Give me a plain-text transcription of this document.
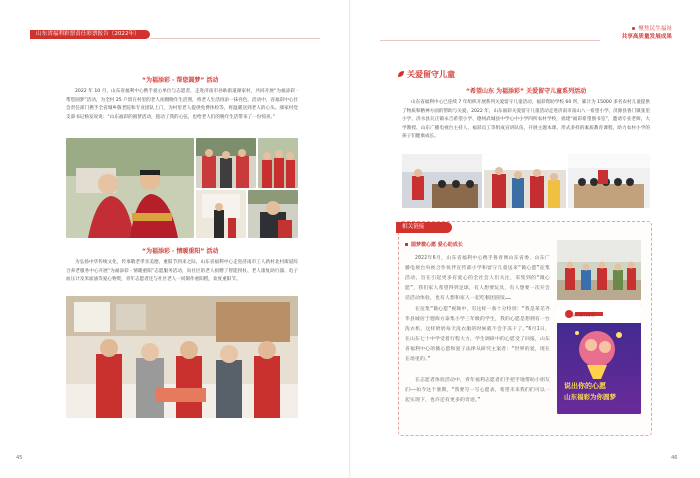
山东省福利彩票责任彩票报告（2022年）
“为福添彩 · 帮您圆梦” 活动

2022 年 10 月，山东省福利中心携手爱心单位与志愿者，走进济南市孙耿街道颜家村，共同开展“为福添彩 · 帮您圆梦”活动，为全村 25 户留在村里的老人拍摄晚年生活照，将老人生活再添一抹亮色。活动中，省福彩中心社会责任部门携手全省城乡敬老院和专业团队上门，为村里老人提供免费体检等，将温暖送到老人的心头。颜家村党支部书记杨发说说：“山东福彩的圆梦活动，拨动了我的心弦，也给老人们的晚年生活带来了一份惊喜。”

“为福添彩 · 情暖重阳” 活动

为弘扬中华传统文化，传承敬老孝亲美德，重阳节到来之际，山东省福利中心走进济南市工人新村北村街道综合养老服务中心开展“为福添彩 · 情暖重阳”志愿服务活动，向社区的老人捐赠了智能拐杖、老人康复助行器、电子血压计及米面油等爱心物资，青年志愿者还与社区老人一同制作重阳糕，欢度重阳节。

45
聚焦民生福祉
共享高质量发展成果
关爱留守儿童
“希望山东 为福添彩” 关爱留守儿童系列活动

山东省福利中心已连续 7 年组织开展系列关爱留守儿童活动，福彩资助学校 60 所，累计为 15000 多名农村儿童提供了物质和精神方面的帮助与关爱。2022 年，山东福彩关爱留守儿童活动走进济南市南山八一希望小学、济源县鲁门镇张里小学、济水县瓦庄镇永吉希望小学、德州武城县中学心中小学四所农村学校，捐建“福彩希望图书室”，邀请专业老师、大学教授、山东广播电视台主持人，福彩员工等组成宣讲队伍，开展主题本课、形式多样的素质教育课程，助力农村小学的孩子们健康成长。

相关链接
圆梦微心愿 爱心助成长

2022年6月，山东省福利中心携手鲁青网山东省委、山东广播电视台央视合作伙伴宣传部小学和留守儿童送来“微心愿”征集活动，旨在引起更多有爱心的全社会人们关注，采集到的“微心愿”，我们家人希望得到足球，有人想要玩具，有人想要一次开会话活动体验，也有人想和家人一起吃顿团圆饭……

在征集“微心愿”视频中，有这样一条十分特别：“我是莱芜齐华县城居于德海方泰集小学三年级的学生，我的心愿是想拥有一台洗衣机，这样奶奶每天洗衣服的时候就不会手冻干了。”6月1日，在山东七十中学受着行程大力，学生调研中的心愿受了回报，山东省福利中心的微心愿和爱子法律从研究主案者：“世界的爱，现在在场里的。”

在志愿者体验活动中，青年福利志愿者们手把手地帮助小朋友们——如今这个暑期，“我要写一写心愿表，希望未来我们们可以一起实现下，也许还有更多的奇迹。”

山东福利彩票
说出你的心愿
山东福彩为你圆梦
46
